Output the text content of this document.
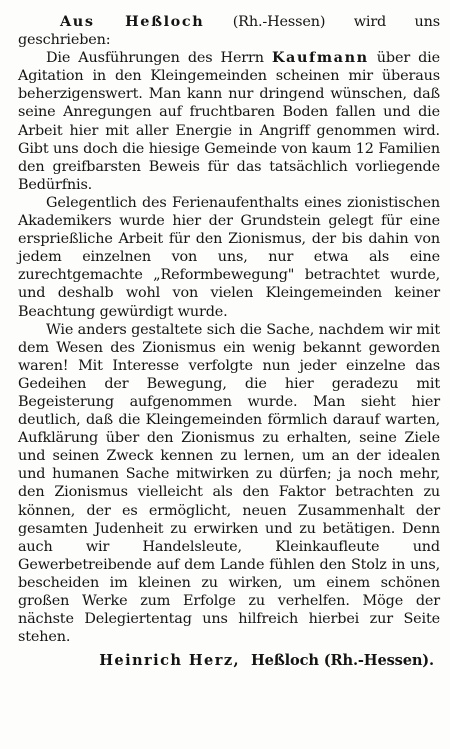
Aus Heßloch (Rh.-Hessen) wird uns geschrieben:

Die Ausführungen des Herrn Kaufmann über die Agitation in den Kleingemeinden scheinen mir überaus beherzigenswert. Man kann nur dringend wünschen, daß seine Anregungen auf fruchtbaren Boden fallen und die Arbeit hier mit aller Energie in Angriff genommen wird. Gibt uns doch die hiesige Gemeinde von kaum 12 Familien den greifbarsten Beweis für das tatsächlich vorliegende Bedürfnis.

Gelegentlich des Ferienaufenthalts eines zionistischen Akademikers wurde hier der Grundstein gelegt für eine ersprießliche Arbeit für den Zionismus, der bis dahin von jedem einzelnen von uns, nur etwa als eine zurechtgemachte „Reformbewegung" betrachtet wurde, und deshalb wohl von vielen Kleingemeinden keiner Beachtung gewürdigt wurde.

Wie anders gestaltete sich die Sache, nachdem wir mit dem Wesen des Zionismus ein wenig bekannt geworden waren! Mit Interesse verfolgte nun jeder einzelne das Gedeihen der Bewegung, die hier geradezu mit Begeisterung aufgenommen wurde. Man sieht hier deutlich, daß die Kleingemeinden förmlich darauf warten, Aufklärung über den Zionismus zu erhalten, seine Ziele und seinen Zweck kennen zu lernen, um an der idealen und humanen Sache mitwirken zu dürfen; ja noch mehr, den Zionismus vielleicht als den Faktor betrachten zu können, der es ermöglicht, neuen Zusammenhalt der gesamten Judenheit zu erwirken und zu betätigen. Denn auch wir Handelsleute, Kleinkaufleute und Gewerbetreibende auf dem Lande fühlen den Stolz in uns, bescheiden im kleinen zu wirken, um einem schönen großen Werke zum Erfolge zu verhelfen. Möge der nächste Delegiertentag uns hilfreich hierbei zur Seite stehen.

Heinrich Herz, Heßloch (Rh.-Hessen).
